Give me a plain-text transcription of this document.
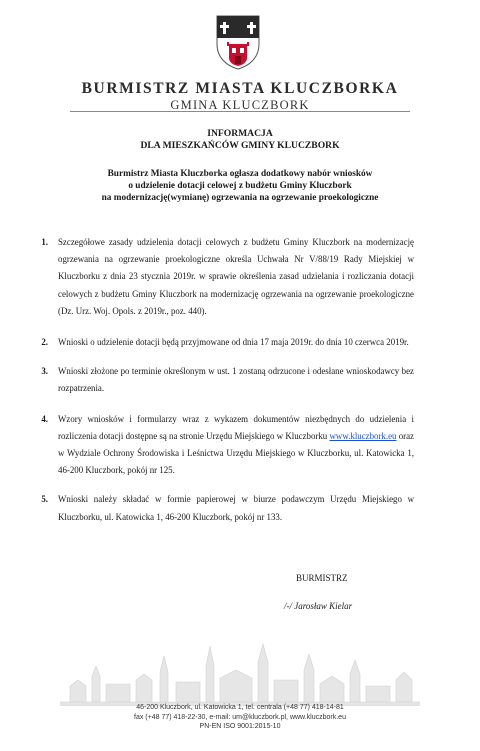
BURMISTRZ MIASTA KLUCZBORKA
GMINA KLUCZBORK
INFORMACJA
DLA MIESZKAŃCÓW GMINY KLUCZBORK
Burmistrz Miasta Kluczborka ogłasza dodatkowy nabór wniosków
o udzielenie dotacji celowej z budżetu Gminy Kluczbork
na modernizację(wymianę) ogrzewania na ogrzewanie proekologiczne
1. Szczegółowe zasady udzielenia dotacji celowych z budżetu Gminy Kluczbork na modernizację ogrzewania na ogrzewanie proekologiczne określa Uchwała Nr V/88/19 Rady Miejskiej w Kluczborku z dnia 23 stycznia 2019r. w sprawie określenia zasad udzielania i rozliczania dotacji celowych z budżetu Gminy Kluczbork na modernizację ogrzewania na ogrzewanie proekologiczne (Dz. Urz. Woj. Opols. z 2019r., poz. 440).
2. Wnioski o udzielenie dotacji będą przyjmowane od dnia 17 maja 2019r. do dnia 10 czerwca 2019r.
3. Wnioski złożone po terminie określonym w ust. 1 zostaną odrzucone i odesłane wnioskodawcy bez rozpatrzenia.
4. Wzory wniosków i formularzy wraz z wykazem dokumentów niezbędnych do udzielenia i rozliczenia dotacji dostępne są na stronie Urzędu Miejskiego w Kluczborku www.kluczbork.eu oraz w Wydziale Ochrony Środowiska i Leśnictwa Urzędu Miejskiego w Kluczborku, ul. Katowicka 1, 46-200 Kluczbork, pokój nr 125.
5. Wnioski należy składać w formie papierowej w biurze podawczym Urzędu Miejskiego w Kluczborku, ul. Katowicka 1, 46-200 Kluczbork, pokój nr 133.
BURMISTRZ
/-/ Jarosław Kielar
46-200 Kluczbork, ul. Katowicka 1, tel. centrala (+48 77) 418-14-81
fax (+48 77) 418-22-30, e-mail: um@kluczbork.pl, www.kluczbork.eu
PN-EN ISO 9001:2015-10
